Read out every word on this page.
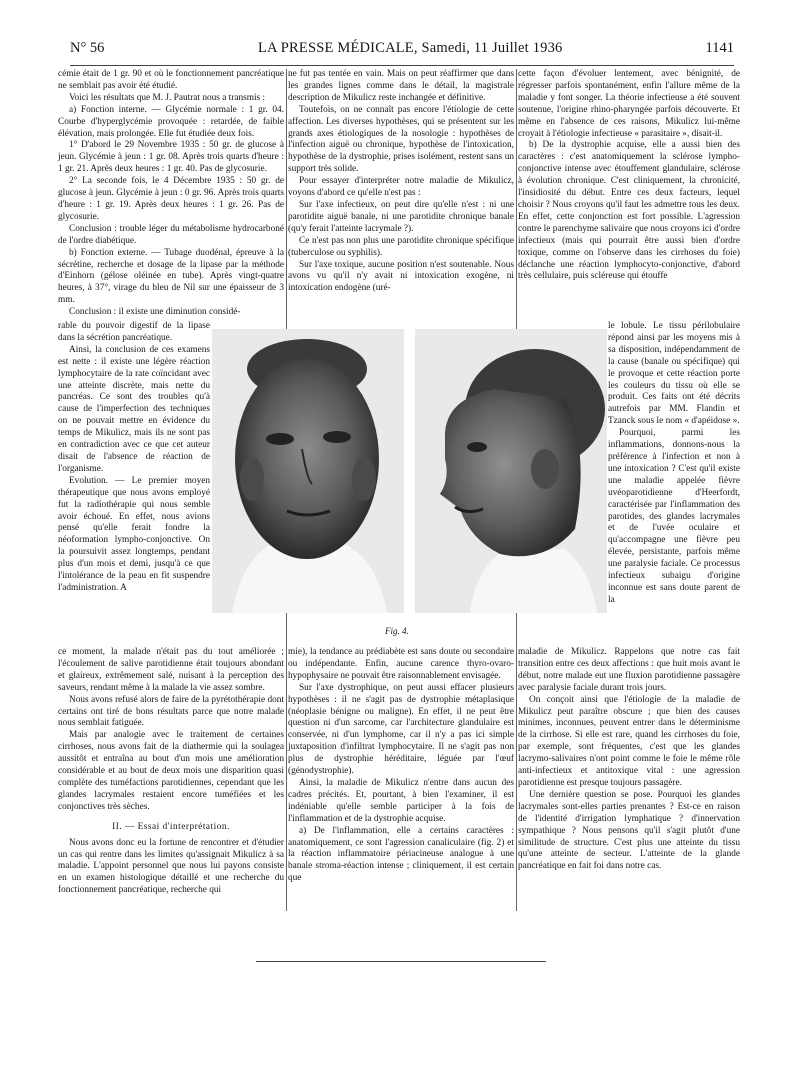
N° 56	LA PRESSE MÉDICALE, Samedi, 11 Juillet 1936	1141

cémie était de 1 gr. 90 et où le fonctionnement pancréatique ne semblait pas avoir été étudié.

Voici les résultats que M. J. Pautrat nous a transmis :

a) Fonction interne. — Glycémie normale : 1 gr. 04. Courbe d'hyperglycémie provoquée : retardée, de faible élévation, mais prolongée. Elle fut étudiée deux fois.

1° D'abord le 29 Novembre 1935 : 50 gr. de glucose à jeun. Glycémie à jeun : 1 gr. 08. Après trois quarts d'heure : 1 gr. 21. Après deux heures : 1 gr. 40. Pas de glycosurie.

2° La seconde fois, le 4 Décembre 1935 : 50 gr. de glucose à jeun. Glycémie à jeun : 0 gr. 96. Après trois quarts d'heure : 1 gr. 19. Après deux heures : 1 gr. 26. Pas de glycosurie.

Conclusion : trouble léger du métabolisme hydrocarboné de l'ordre diabétique.

b) Fonction externe. — Tubage duodénal, épreuve à la sécrétine, recherche et dosage de la lipase par la méthode d'Einhorn (gélose oléinée en tube). Après vingt-quatre heures, à 37°, virage du bleu de Nil sur une épaisseur de 3 mm.

Conclusion : il existe une diminution considé-

rable du pouvoir digestif de la lipase dans la sécrétion pancréatique.

Ainsi, la conclusion de ces examens est nette : il existe une légère réaction lymphocytaire de la rate coïncidant avec une atteinte discrète, mais nette du pancréas. Ce sont des troubles qu'à cause de l'imperfection des techniques on ne pouvait mettre en évidence du temps de Mikulicz, mais ils ne sont pas en contradiction avec ce que cet auteur disait de l'absence de réaction de l'organisme.

Evolution. — Le premier moyen thérapeutique que nous avons employé fut la radiothérapie qui nous semble avoir échoué. En effet, nous avions pensé qu'elle ferait fondre la néoformation lympho-conjonctive. On la poursuivit assez longtemps, pendant plus d'un mois et demi, jusqu'à ce que l'intolérance de la peau en fit suspendre l'administration. A

ce moment, la malade n'était pas du tout améliorée ; l'écoulement de salive parotidienne était toujours abondant et glaireux, extrêmement salé, nuisant à la perception des saveurs, rendant même à la malade la vie assez sombre.

Nous avons refusé alors de faire de la pyrétothérapie dont certains ont tiré de bons résultats parce que notre malade nous semblait fatiguée.

Mais par analogie avec le traitement de certaines cirrhoses, nous avons fait de la diathermie qui la soulagea aussitôt et entraîna au bout d'un mois une amélioration considérable et au bout de deux mois une disparition quasi complète des tuméfactions parotidiennes, cependant que les glandes lacrymales restaient encore tuméfiées et les conjonctives très sèches.

II. — Essai d'interprétation.

Nous avons donc eu la fortune de rencontrer et d'étudier un cas qui rentre dans les limites qu'assignait Mikulicz à sa maladie. L'appoint personnel que nous lui payons consiste en un examen histologique détaillé et une recherche du fonctionnement pancréatique, recherche qui

ne fut pas tentée en vain. Mais on peut réaffirmer que dans les grandes lignes comme dans le détail, la magistrale description de Mikulicz reste inchangée et définitive.

Toutefois, on ne connaît pas encore l'étiologie de cette affection. Les diverses hypothèses, qui se présentent sur les grands axes étiologiques de la nosologie : hypothèses de l'infection aiguë ou chronique, hypothèse de l'intoxication, hypothèse de la dystrophie, prises isolément, restent sans un support très solide.

Pour essayer d'interpréter notre maladie de Mikulicz, voyons d'abord ce qu'elle n'est pas :

Sur l'axe infectieux, on peut dire qu'elle n'est : ni une parotidite aiguë banale, ni une parotidite chronique banale (qu'y ferait l'atteinte lacrymale ?).

Ce n'est pas non plus une parotidite chronique spécifique (tuberculose ou syphilis).

Sur l'axe toxique, aucune position n'est soutenable. Nous avons vu qu'il n'y avait ni intoxication exogène, ni intoxication endogène (uré-

mie), la tendance au prédiabète est sans doute ou secondaire ou indépendante. Enfin, aucune carence thyro-ovaro-hypophysaire ne pouvait être raisonnablement envisagée.

Sur l'axe dystrophique, on peut aussi effacer plusieurs hypothèses : il ne s'agit pas de dystrophie métaplasique (néoplasie bénigne ou maligne). En effet, il ne peut être question ni d'un sarcome, car l'architecture glandulaire est conservée, ni d'un lymphome, car il n'y a pas ici simple juxtaposition d'infiltrat lymphocytaire. Il ne s'agit pas non plus de dystrophie héréditaire, léguée par l'œuf (génodystrophie).

Ainsi, la maladie de Mikulicz n'entre dans aucun des cadres précités. Et, pourtant, à bien l'examiner, il est indéniable qu'elle semble participer à la fois de l'inflammation et de la dystrophie acquise.

a) De l'inflammation, elle a certains caractères : anatomiquement, ce sont l'agression canaliculaire (fig. 2) et la réaction inflammatoire périacineuse analogue à une banale stroma-réaction intense ; cliniquement, il est certain que

cette façon d'évoluer lentement, avec bénignité, de régresser parfois spontanément, enfin l'allure même de la maladie y font songer. La théorie infectieuse a été souvent soutenue, l'origine rhino-pharyngée parfois découverte. Et même en l'absence de ces raisons, Mikulicz lui-même croyait à l'étiologie infectieuse « parasitaire », disait-il.

b) De la dystrophie acquise, elle a aussi bien des caractères : c'est anatomiquement la sclérose lympho-conjonctive intense avec étouffement glandulaire, sclérose à évolution chronique. C'est cliniquement, la chronicité, l'insidiosité du début. Entre ces deux facteurs, lequel choisir ? Nous croyons qu'il faut les admettre tous les deux. En effet, cette conjonction est fort possible. L'agression contre le parenchyme salivaire que nous croyons ici d'ordre infectieux (mais qui pourrait être aussi bien d'ordre toxique, comme on l'observe dans les cirrhoses du foie) déclanche une réaction lymphocyto-conjonctive, d'abord très cellulaire, puis scléreuse qui étouffe

le lobule. Le tissu périlobulaire répond ainsi par les moyens mis à sa disposition, indépendamment de la cause (banale ou spécifique) qui le provoque et cette réaction porte les couleurs du tissu où elle se produit. Ces faits ont été décrits autrefois par MM. Flandin et Tzanck sous le nom « d'apéidose ».

Pourquoi, parmi les inflammations, donnons-nous la préférence à l'infection et non à une intoxication ? C'est qu'il existe une maladie appelée fièvre uvéoparotidienne d'Heerfordt, caractérisée par l'inflammation des parotides, des glandes lacrymales et de l'uvée oculaire et qu'accompagne une fièvre peu élevée, persistante, parfois même une paralysie faciale. Ce processus infectieux subaigu d'origine inconnue est sans doute parent de la

maladie de Mikulicz. Rappelons que notre cas fait transition entre ces deux affections : que huit mois avant le début, notre malade eut une fluxion parotidienne passagère avec paralysie faciale durant trois jours.

On conçoit ainsi que l'étiologie de la maladie de Mikulicz peut paraître obscure ; que bien des causes minimes, inconnues, peuvent entrer dans le déterminisme de la cirrhose. Si elle est rare, quand les cirrhoses du foie, par exemple, sont fréquentes, c'est que les glandes lacrymo-salivaires n'ont point comme le foie le même rôle anti-infectieux et antitoxique vital : une agression parotidienne est presque toujours passagère.

Une dernière question se pose. Pourquoi les glandes lacrymales sont-elles parties prenantes ? Est-ce en raison de l'identité d'irrigation lymphatique ? d'innervation sympathique ? Nous pensons qu'il s'agit plutôt d'une similitude de structure. C'est plus une atteinte du tissu qu'une atteinte de secteur. L'atteinte de la glande pancréatique en fait foi dans notre cas.

Fig. 4.
